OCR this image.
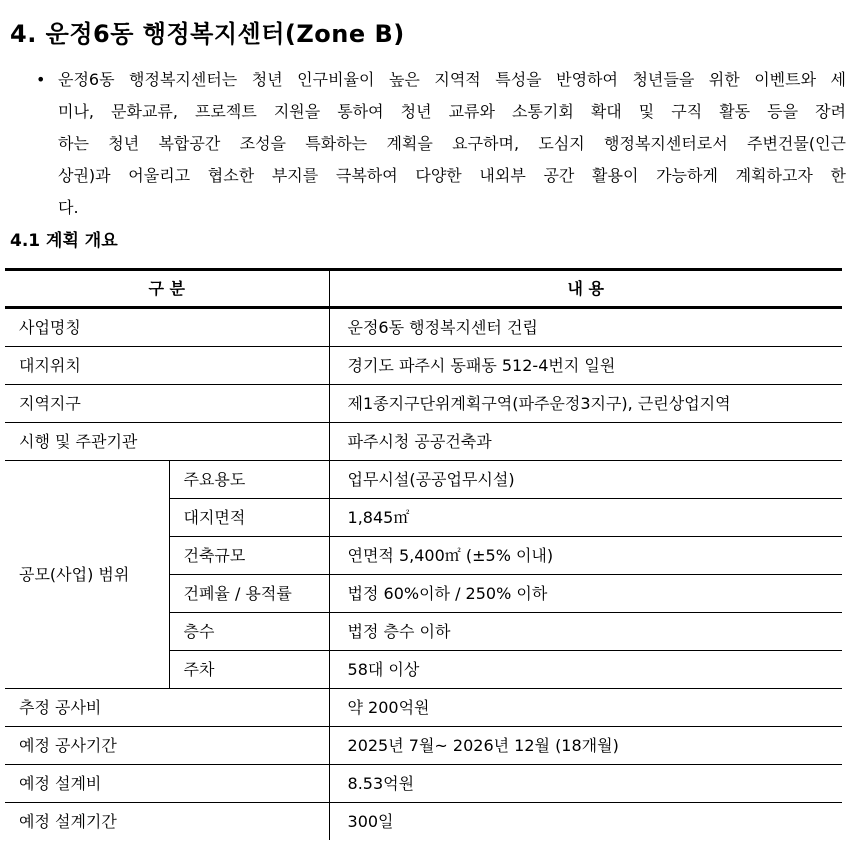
4. 운정6동 행정복지센터(Zone B)
• 운정6동 행정복지센터는 청년 인구비율이 높은 지역적 특성을 반영하여 청년들을 위한 이벤트와 세
미나, 문화교류, 프로젝트 지원을 통하여 청년 교류와 소통기회 확대 및 구직 활동 등을 장려
하는 청년 복합공간 조성을 특화하는 계획을 요구하며, 도심지 행정복지센터로서 주변건물(인근
상권)과 어울리고 협소한 부지를 극복하여 다양한 내외부 공간 활용이 가능하게 계획하고자 한
다.
4.1 계획 개요
구 분		내 용
사업명칭		운정6동 행정복지센터 건립
대지위치		경기도 파주시 동패동 512-4번지 일원
지역지구		제1종지구단위계획구역(파주운정3지구), 근린상업지역
시행 및 주관기관		파주시청 공공건축과
공모(사업) 범위	주요용도	업무시설(공공업무시설)
	대지면적	1,845㎡
	건축규모	연면적 5,400㎡ (±5% 이내)
	건폐율 / 용적률	법정 60%이하 / 250% 이하
	층수	법정 층수 이하
	주차	58대 이상
추정 공사비		약 200억원
예정 공사기간		2025년 7월~ 2026년 12월 (18개월)
예정 설계비		8.53억원
예정 설계기간		300일
